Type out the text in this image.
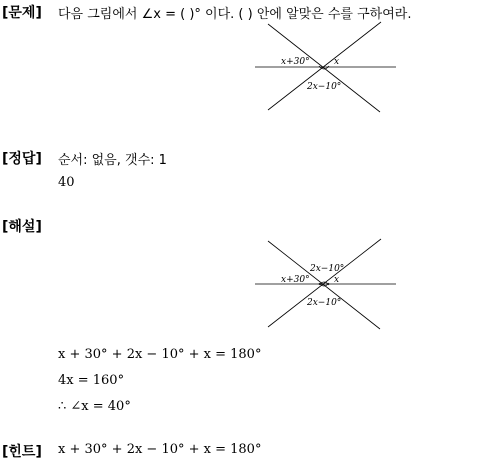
[문제] 다음 그림에서 ∠x = ( )° 이다. ( ) 안에 알맞은 수를 구하여라.
x+30°	x
2x−10°
[정답] 순서: 없음, 갯수: 1
40
[해설]
2x−10°
x+30°	x
2x−10°
x + 30° + 2x − 10° + x = 180°
4x = 160°
∴ ∠x = 40°
[힌트] x + 30° + 2x − 10° + x = 180°
